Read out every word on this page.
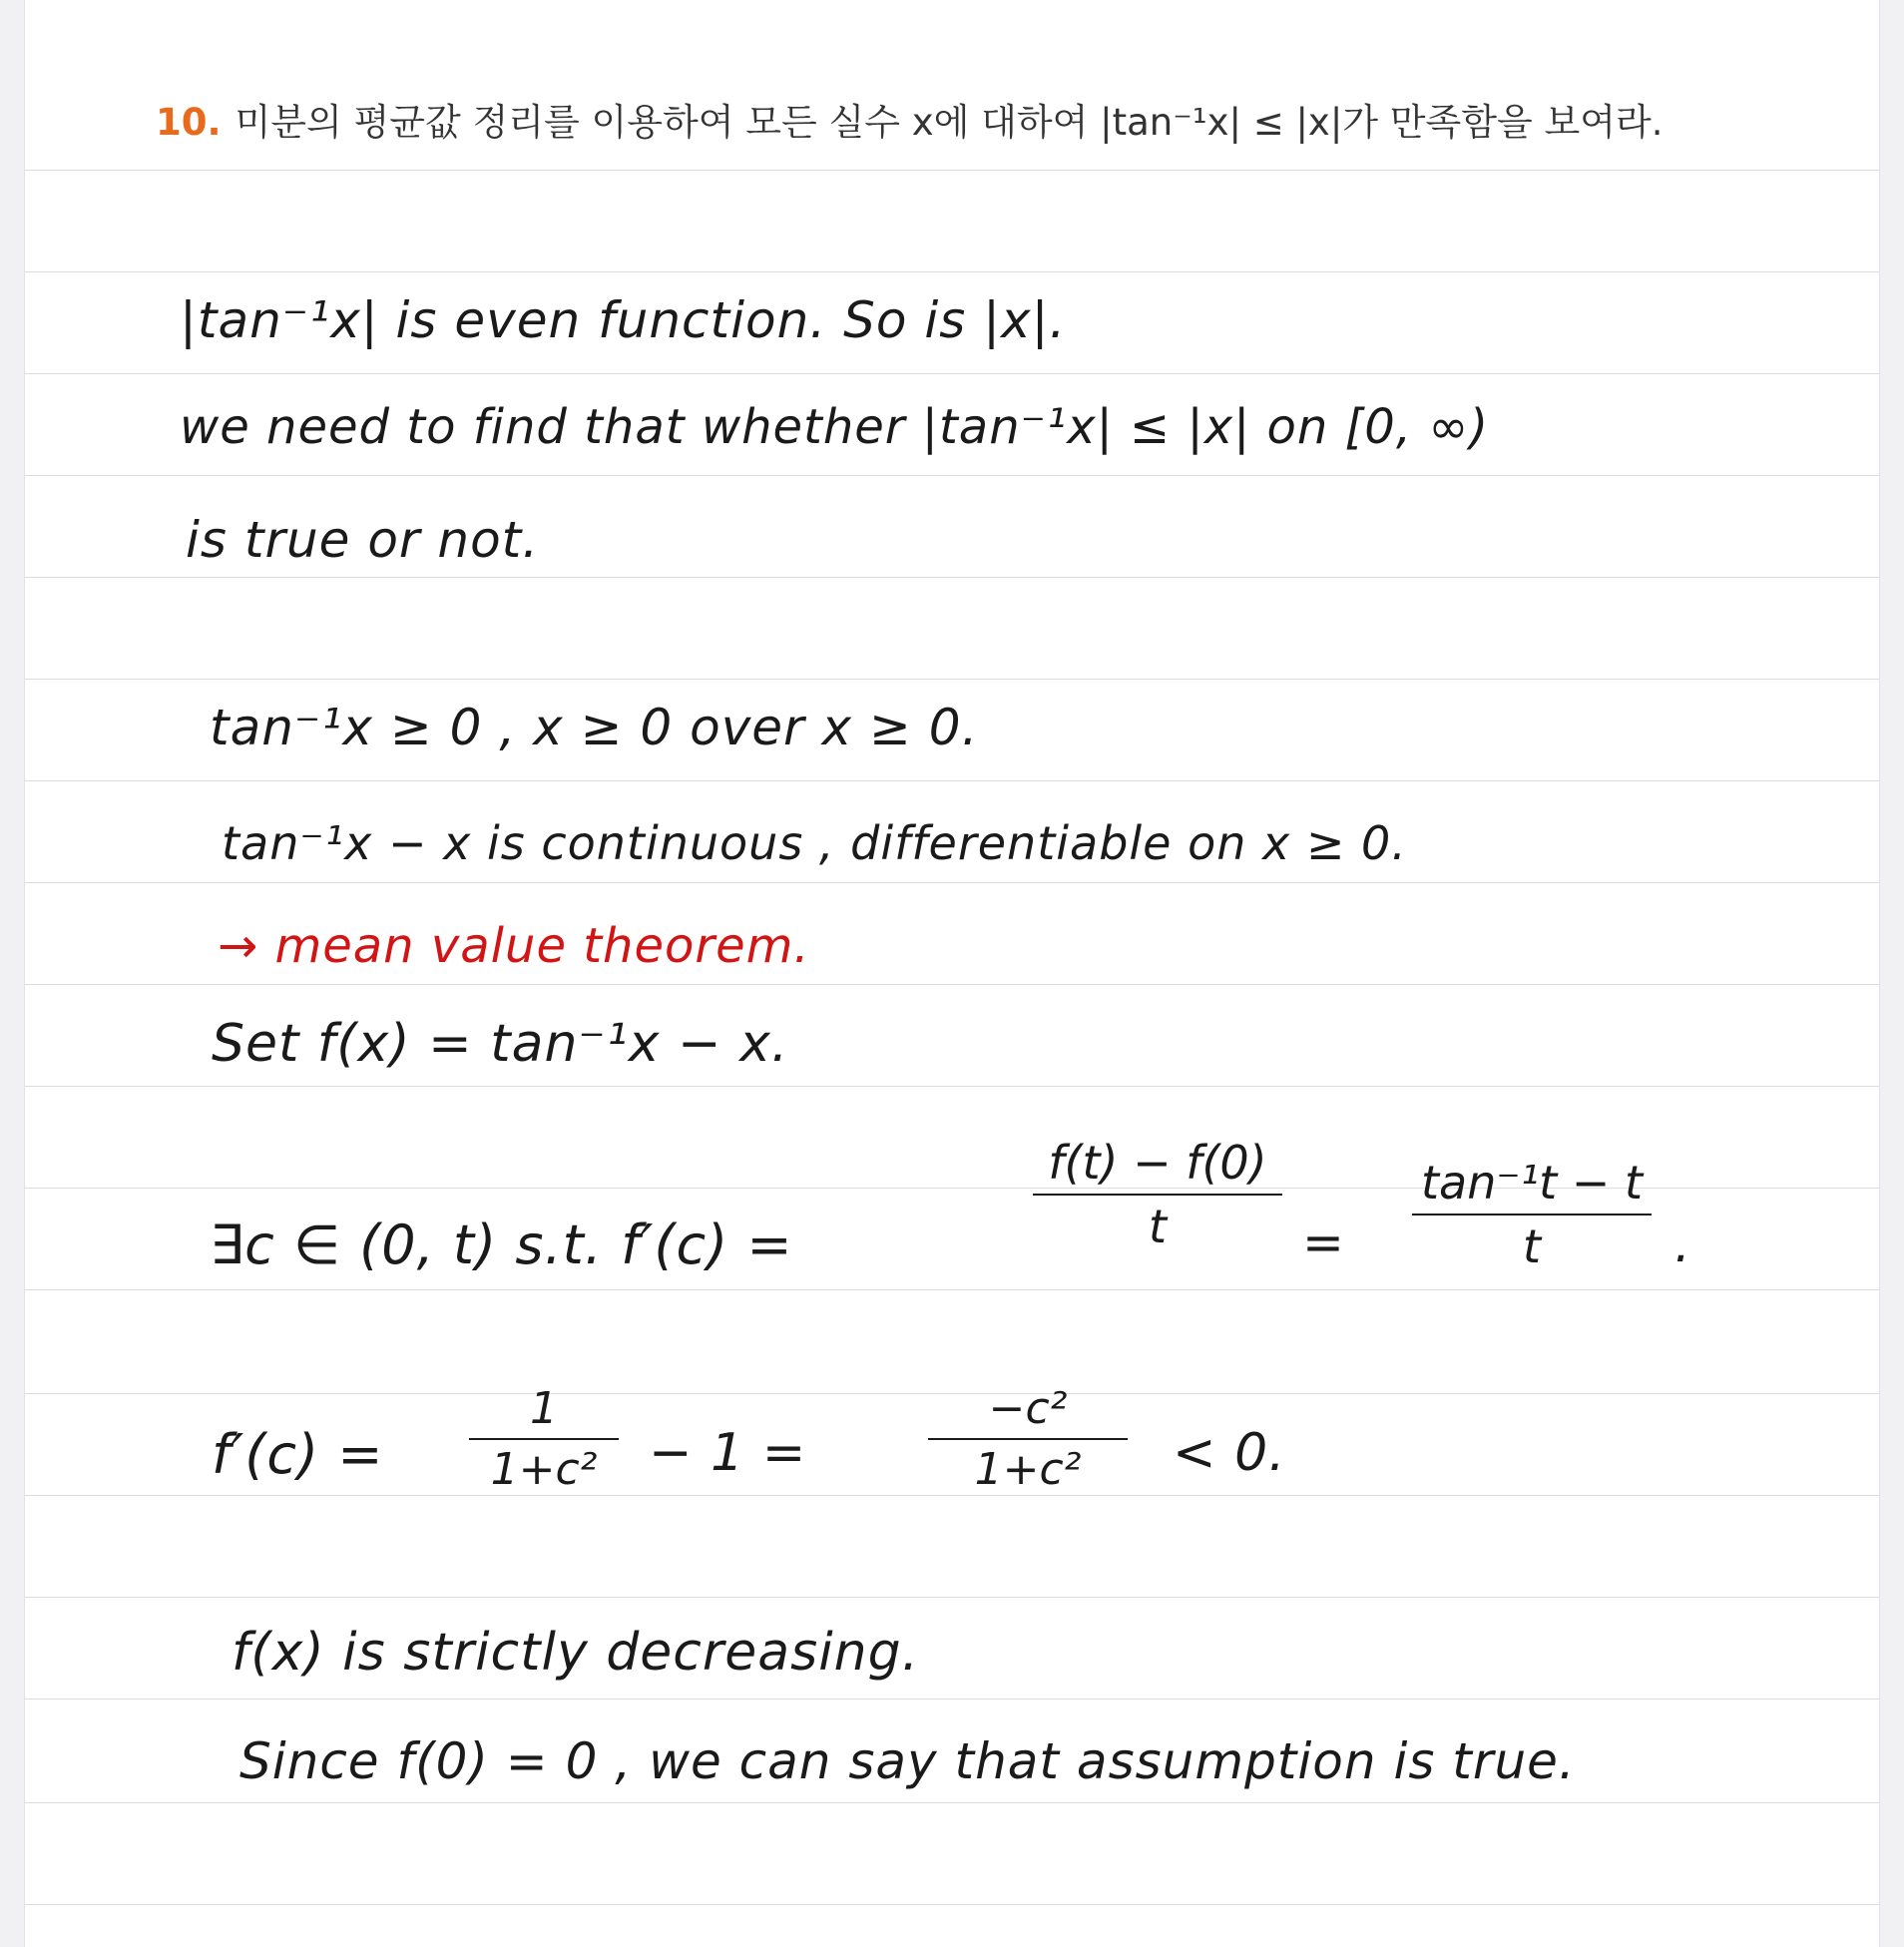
10. 미분의 평균값 정리를 이용하여 모든 실수 x에 대하여 |tan⁻¹x| ≤ |x|가 만족함을 보여라.
|tan⁻¹x| is even function. So is |x|.
we need to find that whether |tan⁻¹x| ≤ |x| on [0, ∞)
is true or not.
tan⁻¹x ≥ 0 , x ≥ 0 over x ≥ 0.
tan⁻¹x − x is continuous , differentiable on x ≥ 0.
→ mean value theorem.
Set f(x) = tan⁻¹x − x.
∃c ∈ (0, t) s.t. f′(c) =
f(t) − f(0)
t	=
tan⁻¹t − t
t	.
f′(c) =
1
1+c² − 1 =
−c²
1+c²	< 0.
f(x) is strictly decreasing.
Since f(0) = 0 , we can say that assumption is true.
